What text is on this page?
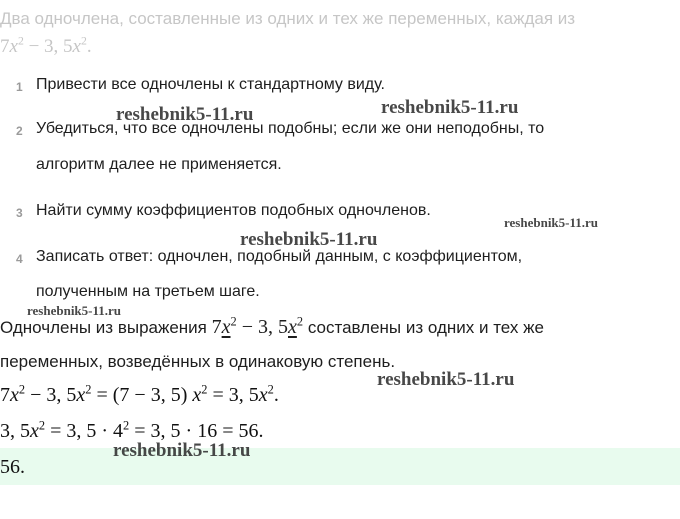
Два одночлена, составленные из одних и тех же переменных, каждая из
$7x^2 - 3$, $5x^2$.
1 Привести все одночлены к стандартному виду.
2 Убедиться, что все одночлены подобны; если же они неподобны, то
алгоритм далее не применяется.
3 Найти сумму коэффициентов подобных одночленов.
4 Записать ответ: одночлен, подобный данным, с коэффициентом,
полученным на третьем шаге.
Одночлены из выражения $7x^2 - 3$, $5x^2$ составлены из одних и тех же
переменных, возведённых в одинаковую степень.
$7x^2 - 3$, $5x^2 = (7 - 3$, 5) $x^2 = 3$, $5x^2$.
3, $5x^2 = 3$, $5 \cdot 4^2 = 3$, 5 · 16 = 56.
56.
reshebnik5-11.ru	reshebnik5-11.ru
reshebnik5-11.ru
reshebnik5-11.ru
reshebnik5-11.ru
reshebnik5-11.ru
reshebnik5-11.ru
